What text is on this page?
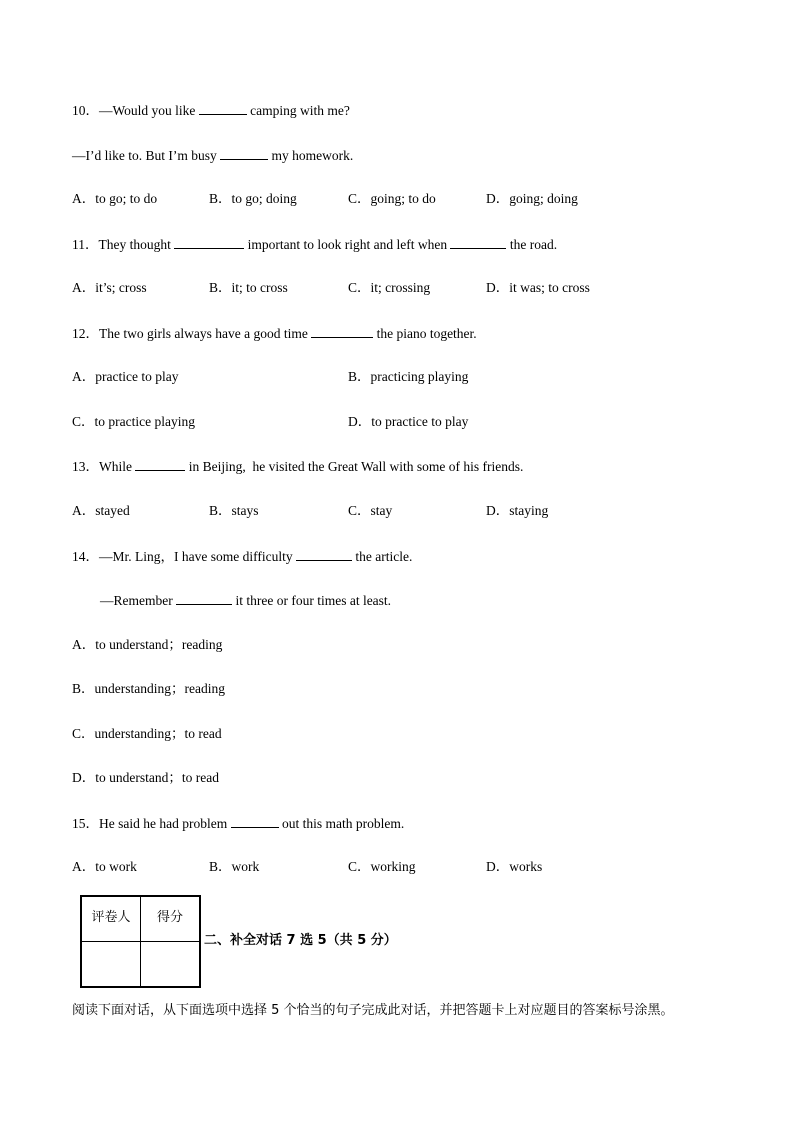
10．—Would you like	camping with me?
—I’d like to. But I’m busy	my homework.
A．to go; to do	B．to go; doing	C．going; to do	D．going; doing
11．They thought	important to look right and left when	the road.
A．it’s; cross	B．it; to cross	C．it; crossing	D．it was; to cross
12．The two girls always have a good time	the piano together.
A．practice to play	B．practicing playing
C．to practice playing	D．to practice to play
13．While	in Beijing,  he visited the Great Wall with some of his friends.
A．stayed	B．stays	C．stay	D．staying
14．—Mr. Ling，I have some difficulty	the article.
—Remember	it three or four times at least.
A．to understand；reading
B．understanding；reading
C．understanding；to read
D．to understand；to read
15．He said he had problem	out this math problem.
A．to work	B．work	C．working	D．works
评卷人	得分

二、补全对话 7 选 5（共 5 分）
阅读下面对话，从下面选项中选择 5 个恰当的句子完成此对话，并把答题卡上对应题目的答案标号涂黑。
